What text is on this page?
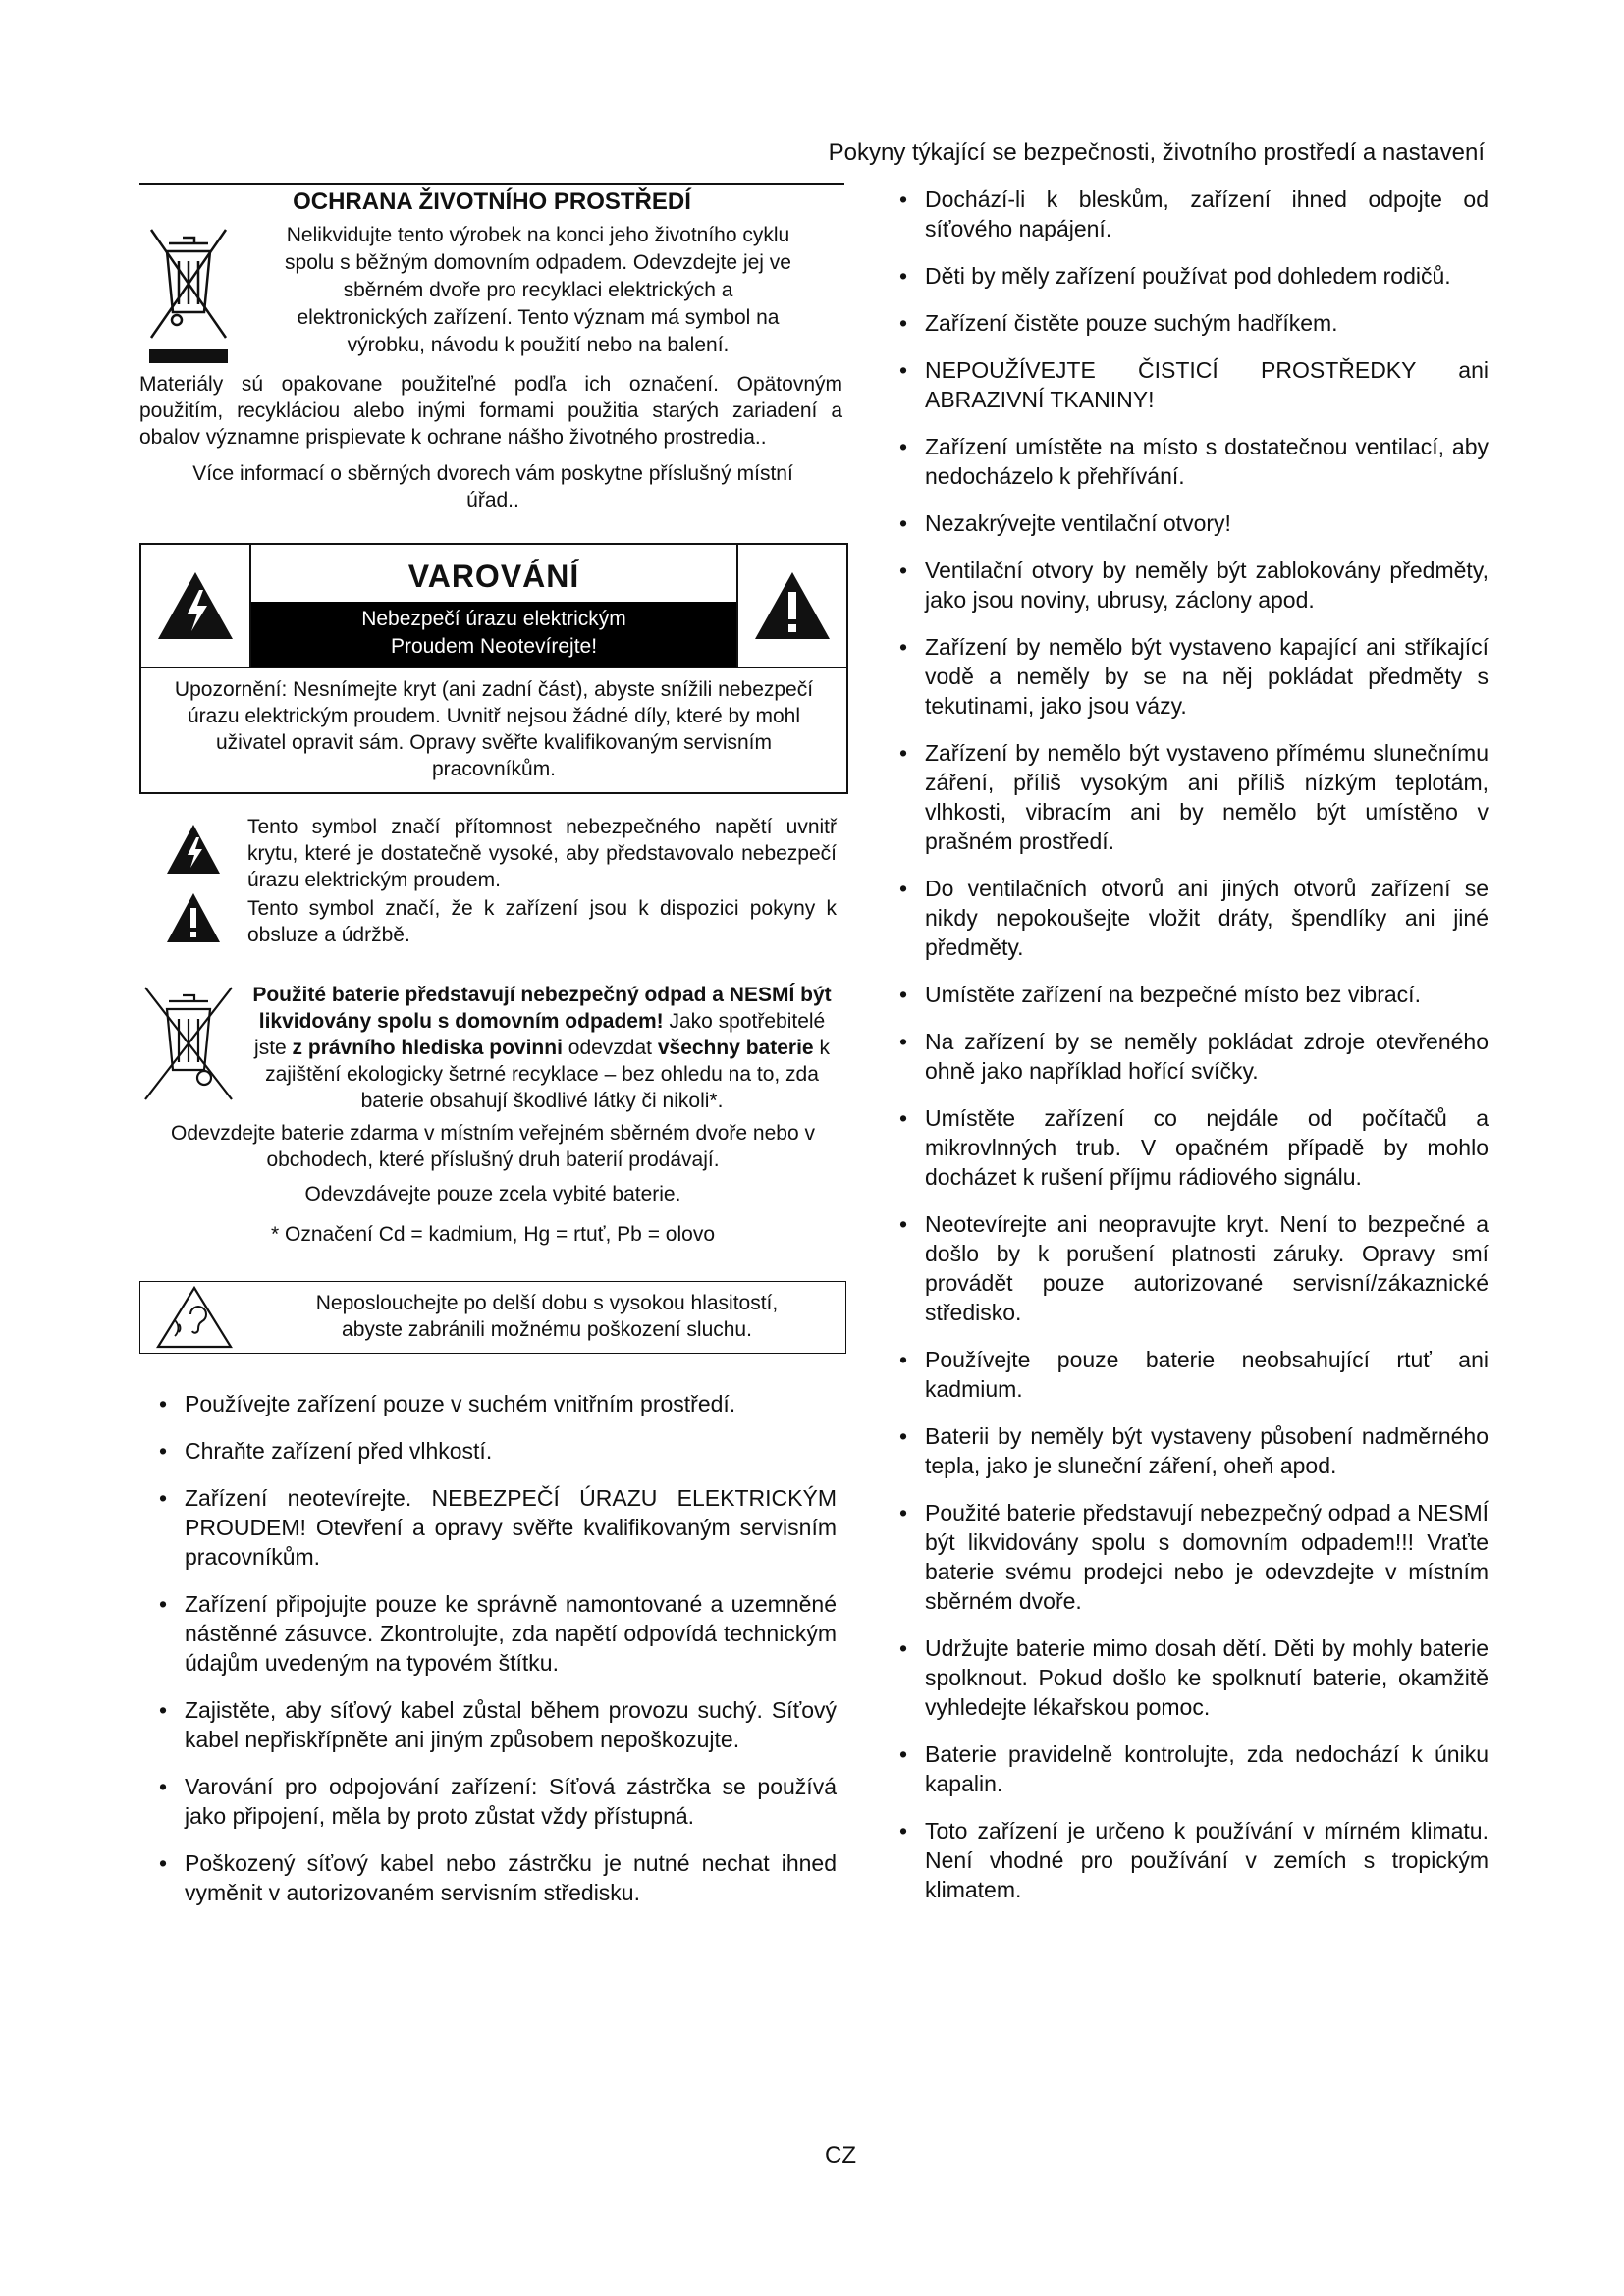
Pokyny týkající se bezpečnosti, životního prostředí a nastavení
OCHRANA ŽIVOTNÍHO PROSTŘEDÍ
Nelikvidujte tento výrobek na konci jeho životního cyklu
spolu s běžným domovním odpadem. Odevzdejte jej ve
sběrném dvoře pro recyklaci elektrických a
elektronických zařízení. Tento význam má symbol na
výrobku, návodu k použití nebo na balení.
Materiály sú opakovane použiteľné podľa ich označení. Opätovným použitím, recykláciou alebo inými formami použitia starých zariadení a obalov významne prispievate k ochrane nášho životného prostredia..
Více informací o sběrných dvorech vám poskytne příslušný místní úřad..
VAROVÁNÍ
Nebezpečí úrazu elektrickým
Proudem Neotevírejte!
Upozornění: Nesnímejte kryt (ani zadní část), abyste snížili nebezpečí úrazu elektrickým proudem. Uvnitř nejsou žádné díly, které by mohl uživatel opravit sám. Opravy svěřte kvalifikovaným servisním pracovníkům.
Tento symbol značí přítomnost nebezpečného napětí uvnitř krytu, které je dostatečně vysoké, aby představovalo nebezpečí úrazu elektrickým proudem.
Tento symbol značí, že k zařízení jsou k dispozici pokyny k obsluze a údržbě.
Použité baterie představují nebezpečný odpad a NESMÍ být likvidovány spolu s domovním odpadem! Jako spotřebitelé jste z právního hlediska povinni odevzdat všechny baterie k zajištění ekologicky šetrné recyklace – bez ohledu na to, zda baterie obsahují škodlivé látky či nikoli*.
Odevzdejte baterie zdarma v místním veřejném sběrném dvoře nebo v obchodech, které příslušný druh baterií prodávají.
Odevzdávejte pouze zcela vybité baterie.
* Označení Cd = kadmium, Hg = rtuť, Pb = olovo
Neposlouchejte po delší dobu s vysokou hlasitostí,
abyste zabránili možnému poškození sluchu.
• Používejte zařízení pouze v suchém vnitřním prostředí.
• Chraňte zařízení před vlhkostí.
• Zařízení neotevírejte. NEBEZPEČÍ ÚRAZU ELEKTRICKÝM PROUDEM! Otevření a opravy svěřte kvalifikovaným servisním pracovníkům.
• Zařízení připojujte pouze ke správně namontované a uzemněné nástěnné zásuvce. Zkontrolujte, zda napětí odpovídá technickým údajům uvedeným na typovém štítku.
• Zajistěte, aby síťový kabel zůstal během provozu suchý. Síťový kabel nepřiskřípněte ani jiným způsobem nepoškozujte.
• Varování pro odpojování zařízení: Síťová zástrčka se používá jako připojení, měla by proto zůstat vždy přístupná.
• Poškozený síťový kabel nebo zástrčku je nutné nechat ihned vyměnit v autorizovaném servisním středisku.
• Dochází-li k bleskům, zařízení ihned odpojte od síťového napájení.
• Děti by měly zařízení používat pod dohledem rodičů.
• Zařízení čistěte pouze suchým hadříkem.
• NEPOUŽÍVEJTE ČISTICÍ PROSTŘEDKY ani ABRAZIVNÍ TKANINY!
• Zařízení umístěte na místo s dostatečnou ventilací, aby nedocházelo k přehřívání.
• Nezakrývejte ventilační otvory!
• Ventilační otvory by neměly být zablokovány předměty, jako jsou noviny, ubrusy, záclony apod.
• Zařízení by nemělo být vystaveno kapající ani stříkající vodě a neměly by se na něj pokládat předměty s tekutinami, jako jsou vázy.
• Zařízení by nemělo být vystaveno přímému slunečnímu záření, příliš vysokým ani příliš nízkým teplotám, vlhkosti, vibracím ani by nemělo být umístěno v prašném prostředí.
• Do ventilačních otvorů ani jiných otvorů zařízení se nikdy nepokoušejte vložit dráty, špendlíky ani jiné předměty.
• Umístěte zařízení na bezpečné místo bez vibrací.
• Na zařízení by se neměly pokládat zdroje otevřeného ohně jako například hořící svíčky.
• Umístěte zařízení co nejdále od počítačů a mikrovlnných trub. V opačném případě by mohlo docházet k rušení příjmu rádiového signálu.
• Neotevírejte ani neopravujte kryt. Není to bezpečné a došlo by k porušení platnosti záruky. Opravy smí provádět pouze autorizované servisní/zákaznické středisko.
• Používejte pouze baterie neobsahující rtuť ani kadmium.
• Baterii by neměly být vystaveny působení nadměrného tepla, jako je sluneční záření, oheň apod.
• Použité baterie představují nebezpečný odpad a NESMÍ být likvidovány spolu s domovním odpadem!!! Vraťte baterie svému prodejci nebo je odevzdejte v místním sběrném dvoře.
• Udržujte baterie mimo dosah dětí. Děti by mohly baterie spolknout. Pokud došlo ke spolknutí baterie, okamžitě vyhledejte lékařskou pomoc.
• Baterie pravidelně kontrolujte, zda nedochází k úniku kapalin.
• Toto zařízení je určeno k používání v mírném klimatu. Není vhodné pro používání v zemích s tropickým klimatem.
CZ
